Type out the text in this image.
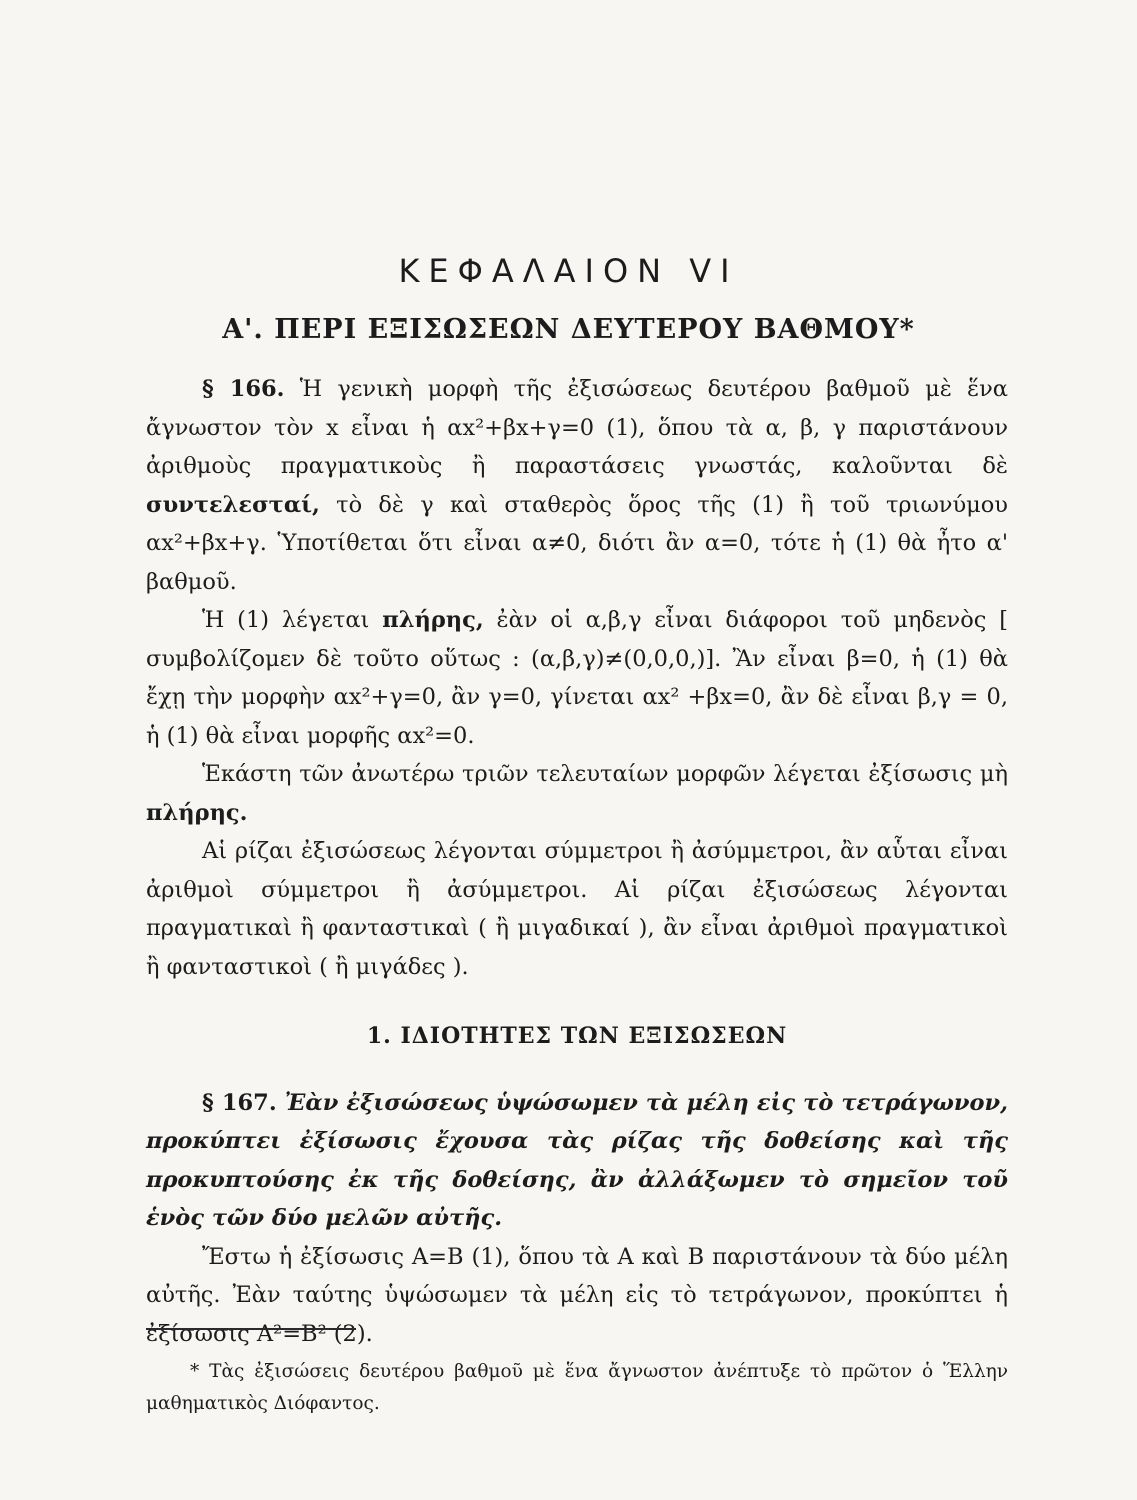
ΚΕΦΑΛΑΙΟΝ VI
Α'. ΠΕΡΙ ΕΞΙΣΩΣΕΩΝ ΔΕΥΤΕΡΟΥ ΒΑΘΜΟΥ*

§ 166. Ἡ γενικὴ μορφὴ τῆς ἐξισώσεως δευτέρου βαθμοῦ μὲ ἕνα ἄγνωστον τὸν x εἶναι ἡ αx²+βx+γ=0 (1), ὅπου τὰ α, β, γ παριστάνουν ἀριθμοὺς πραγματικοὺς ἢ παραστάσεις γνωστάς, καλοῦνται δὲ συντελεσταί, τὸ δὲ γ καὶ σταθερὸς ὅρος τῆς (1) ἢ τοῦ τριωνύμου αx²+βx+γ. Ὑποτίθεται ὅτι εἶναι α≠0, διότι ἂν α=0, τότε ἡ (1) θὰ ἦτο α' βαθμοῦ.

Ἡ (1) λέγεται πλήρης, ἐὰν οἱ α,β,γ εἶναι διάφοροι τοῦ μηδενὸς [ συμβολίζομεν δὲ τοῦτο οὕτως : (α,β,γ)≠(0,0,0,)]. Ἂν εἶναι β=0, ἡ (1) θὰ ἔχῃ τὴν μορφὴν αx²+γ=0, ἂν γ=0, γίνεται αx² +βx=0, ἂν δὲ εἶναι β,γ = 0, ἡ (1) θὰ εἶναι μορφῆς αx²=0.

Ἑκάστη τῶν ἀνωτέρω τριῶν τελευταίων μορφῶν λέγεται ἐξίσωσις μὴ πλήρης.

Αἱ ρίζαι ἐξισώσεως λέγονται σύμμετροι ἢ ἀσύμμετροι, ἂν αὗται εἶναι ἀριθμοὶ σύμμετροι ἢ ἀσύμμετροι. Αἱ ρίζαι ἐξισώσεως λέγονται πραγματικαὶ ἢ φανταστικαὶ ( ἢ μιγαδικαί ), ἂν εἶναι ἀριθμοὶ πραγματικοὶ ἢ φανταστικοὶ ( ἢ μιγάδες ).

1. ΙΔΙΟΤΗΤΕΣ ΤΩΝ ΕΞΙΣΩΣΕΩΝ

§ 167. Ἐὰν ἐξισώσεως ὑψώσωμεν τὰ μέλη εἰς τὸ τετράγωνον, προκύπτει ἐξίσωσις ἔχουσα τὰς ρίζας τῆς δοθείσης καὶ τῆς προκυπτούσης ἐκ τῆς δοθείσης, ἂν ἀλλάξωμεν τὸ σημεῖον τοῦ ἑνὸς τῶν δύο μελῶν αὐτῆς.

Ἔστω ἡ ἐξίσωσις Α=Β (1), ὅπου τὰ Α καὶ Β παριστάνουν τὰ δύο μέλη αὐτῆς. Ἐὰν ταύτης ὑψώσωμεν τὰ μέλη εἰς τὸ τετράγωνον, προκύπτει ἡ ἐξίσωσις Α²=Β² (2).

* Τὰς ἐξισώσεις δευτέρου βαθμοῦ μὲ ἕνα ἄγνωστον ἀνέπτυξε τὸ πρῶτον ὁ Ἕλλην μαθηματικὸς Διόφαντος.
